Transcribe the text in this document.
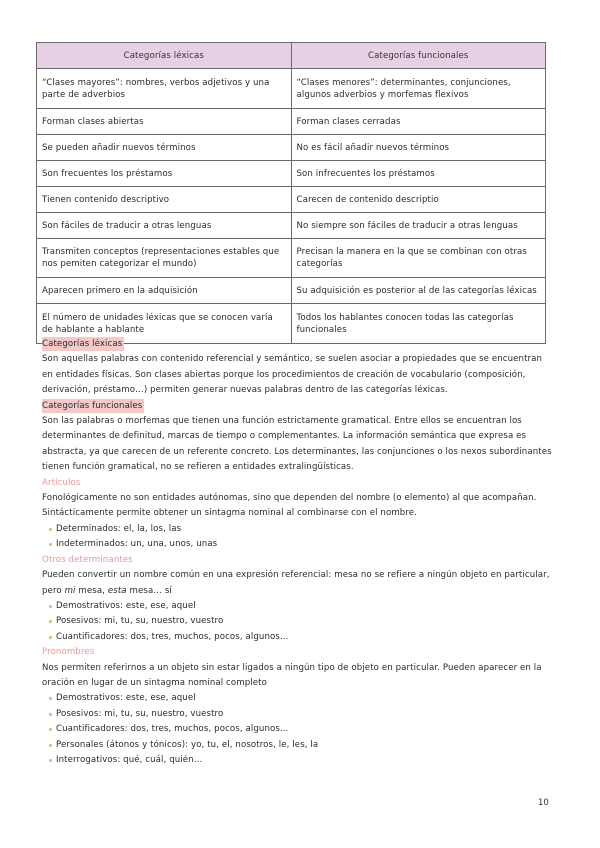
Categorías léxicas	Categorías funcionales
“Clases mayores”: nombres, verbos adjetivos y una parte de adverbios	“Clases menores”: determinantes, conjunciones, algunos adverbios y morfemas flexivos
Forman clases abiertas	Forman clases cerradas
Se pueden añadir nuevos términos	No es fácil añadir nuevos términos
Son frecuentes los préstamos	Son infrecuentes los préstamos
Tienen contenido descriptivo	Carecen de contenido descriptio
Son fáciles de traducir a otras lenguas	No siempre son fáciles de traducir a otras lenguas
Transmiten conceptos (representaciones estables que nos pemiten categorizar el mundo)	Precisan la manera en la que se combinan con otras categorías
Aparecen primero en la adquisición	Su adquisición es posterior al de las categorías léxicas
El número de unidades léxicas que se conocen varía de hablante a hablante	Todos los hablantes conocen todas las categorías funcionales

Categorías léxicas

Son aquellas palabras con contenido referencial y semántico, se suelen asociar a propiedades que se encuentran en entidades físicas. Son clases abiertas porque los procedimientos de creación de vocabulario (composición, derivación, préstamo…) permiten generar nuevas palabras dentro de las categorías léxicas.

Categorías funcionales

Son las palabras o morfemas que tienen una función estrictamente gramatical. Entre ellos se encuentran los determinantes de definitud, marcas de tiempo o complementantes. La información semántica que expresa es abstracta, ya que carecen de un referente concreto. Los determinantes, las conjunciones o los nexos subordinantes tienen función gramatical, no se refieren a entidades extralingüísticas.

Artículos

Fonológicamente no son entidades autónomas, sino que dependen del nombre (o elemento) al que acompañan. Sintácticamente permite obtener un sintagma nominal al combinarse con el nombre.

Determinados: el, la, los, las
Indeterminados: un, una, unos, unas

Otros determinantes

Pueden convertir un nombre común en una expresión referencial: mesa no se refiere a ningún objeto en particular, pero mi mesa, esta mesa… sí

Demostrativos: este, ese, aquel
Posesivos: mi, tu, su, nuestro, vuestro
Cuantificadores: dos, tres, muchos, pocos, algunos…

Pronombres

Nos permiten referirnos a un objeto sin estar ligados a ningún tipo de objeto en particular. Pueden aparecer en la oración en lugar de un sintagma nominal completo

Demostrativos: este, ese, aquel
Posesivos: mi, tu, su, nuestro, vuestro
Cuantificadores: dos, tres, muchos, pocos, algunos…
Personales (átonos y tónicos): yo, tu, el, nosotros, le, les, la
Interrogativos: qué, cuál, quién…
10
